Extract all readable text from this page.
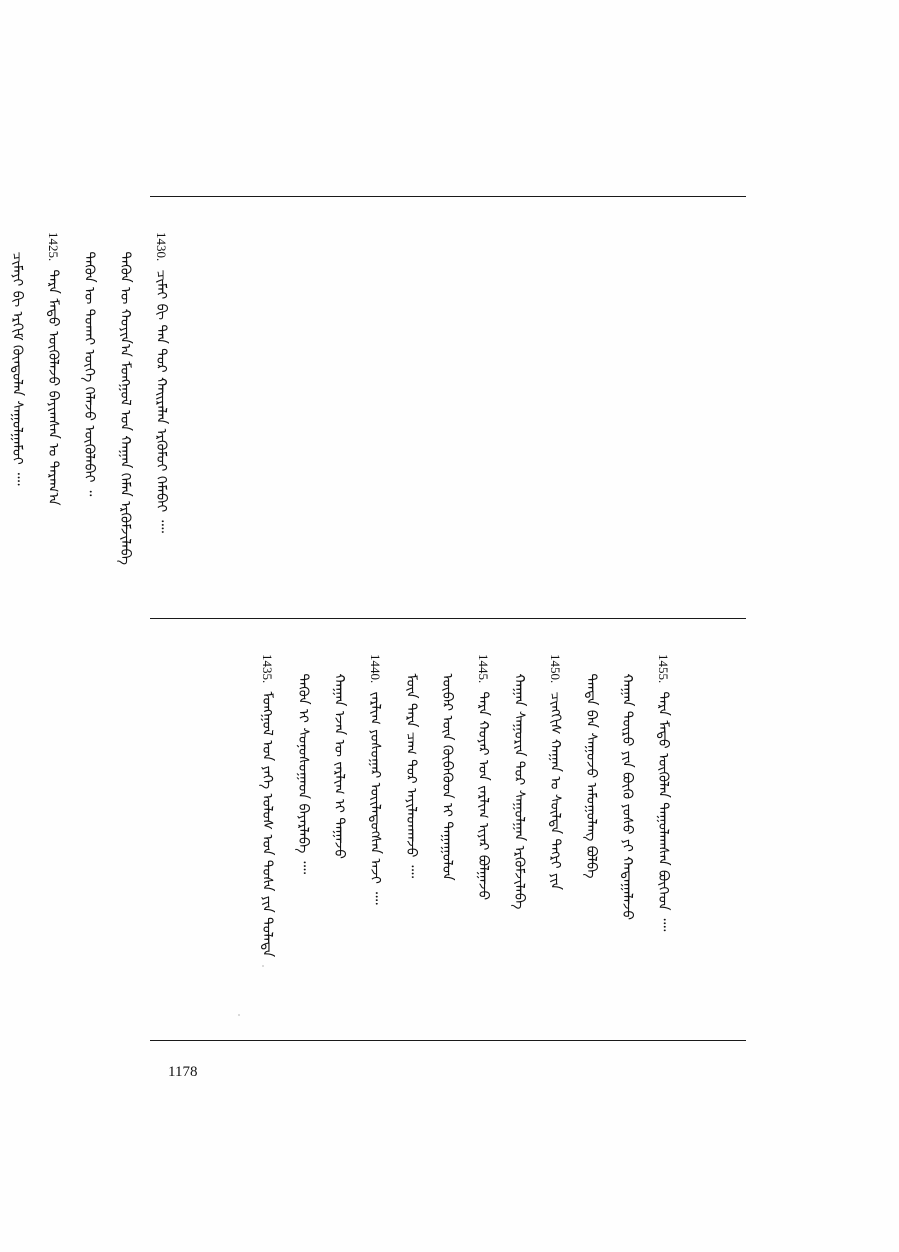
1430.  ᠴᠢᠮᠠᠢ ᠪᠢ ᠲᠠᠨ ᠳᠤᠷ ᠬᠠᠢᠷᠠᠯᠠᠨ ᠡᠷᠭᠦᠮᠦᠢ ᠬᠡᠮᠡᠪᠡᠢ ᠁
ᠲᠡᠭᠦᠨ ᠦ ᠬᠣᠶᠢᠨ᠎ᠠ ᠮᠣᠩᠭᠣᠯ ᠤᠨ ᠬᠠᠭᠠᠨ ᠬᠡᠮᠡᠨ ᠡᠷᠭᠦᠮᠵᠢᠯᠡᠪᠡ
ᠲᠡᠭᠦᠨ ᠦ ᠲᠤᠬᠠᠢ ᠦᠭᠡ ᠬᠡᠯᠡᠵᠦ ᠥᠭᠦᠯᠡᠪᠡᠢ ᠃
1425.  ᠲᠡᠷᠡ ᠮᠡᠲᠦ ᠥᠭᠦᠯᠡᠵᠦ ᠪᠠᠶᠢᠭᠰᠠᠨ ᠤ ᠳᠠᠷᠠᠭ᠎ᠠ
ᠴᠢᠮᠠᠶᠢ ᠪᠢ ᠡᠷᠬᠢᠮ ᠬᠦᠨᠳᠦᠯᠡᠨ ᠰᠠᠭᠤᠯᠭᠠᠮᠤᠢ ᠁

1455.  ᠲᠡᠷᠡ ᠮᠡᠲᠦ ᠥᠭᠦᠯᠡᠨ ᠳᠠᠭᠤᠯᠠᠭᠰᠠᠨ ᠪᠥᠭᠡᠳ ᠁
ᠬᠠᠭᠠᠨ ᠲᠥᠷᠦ ᠶᠢᠨ ᠪᠥᠬᠦ ᠶᠣᠰᠣ ᠶᠢ ᠬᠠᠳᠠᠭᠠᠯᠠᠵᠤ
ᠲᠡᠨᠳᠡ ᠪᠡᠨ ᠰᠠᠭᠤᠵᠤ ᠠᠮᠤᠭᠤᠯᠠᠩ ᠪᠣᠯᠪᠠ
1450.  ᠴᠢᠩᠭᠢᠰ ᠬᠠᠭᠠᠨ ᠤ ᠰᠦᠯᠳᠡ ᠲᠡᠭᠷᠢ ᠶᠢᠨ
ᠬᠠᠭᠠᠨ ᠰᠠᠭᠤᠷᠢᠨ ᠳᠤᠷ ᠰᠠᠭᠤᠯᠭᠠᠨ ᠡᠷᠭᠦᠮᠵᠢᠯᠡᠪᠡ
1445.  ᠲᠡᠷᠡ ᠬᠣᠶᠠᠷ ᠤᠨ ᠵᠠᠷᠯᠢᠭ ᠢᠶᠠᠷ ᠪᠣᠯᠭᠠᠵᠤ
ᠥᠪᠡᠷ ᠦᠨ ᠬᠥᠪᠡᠭᠦᠳ ᠢ ᠳᠠᠭᠠᠭᠤᠯᠤᠨ
ᠮᠥᠨ ᠲᠡᠷᠡ ᠴᠠᠭ ᠲᠤᠷ ᠠᠶᠢᠯᠠᠳᠬᠠᠵᠤ ᠁
1440.  ᠵᠠᠷᠯᠢᠭ ᠶᠣᠰᠣᠭᠠᠷ ᠦᠢᠯᠡᠳᠦᠭᠰᠡᠨ ᠠᠵᠢ ᠁
ᠬᠠᠭᠠᠨ ᠡᠵᠡᠨ ᠦ ᠵᠠᠷᠯᠢᠭ ᠢ ᠳᠠᠭᠠᠵᠤ
ᠲᠡᠭᠦᠨ ᠢ ᠰᠣᠨᠣᠰᠤᠭᠠᠳ ᠪᠠᠶᠠᠷᠯᠠᠪᠠ ᠁
1435.  ᠮᠣᠩᠭᠣᠯ ᠤᠨ ᠶᠡᠬᠡ ᠤᠯᠤᠰ ᠤᠨ ᠲᠤᠰᠠ ᠶᠢᠨ ᠲᠤᠯᠠᠳᠠ
1178
